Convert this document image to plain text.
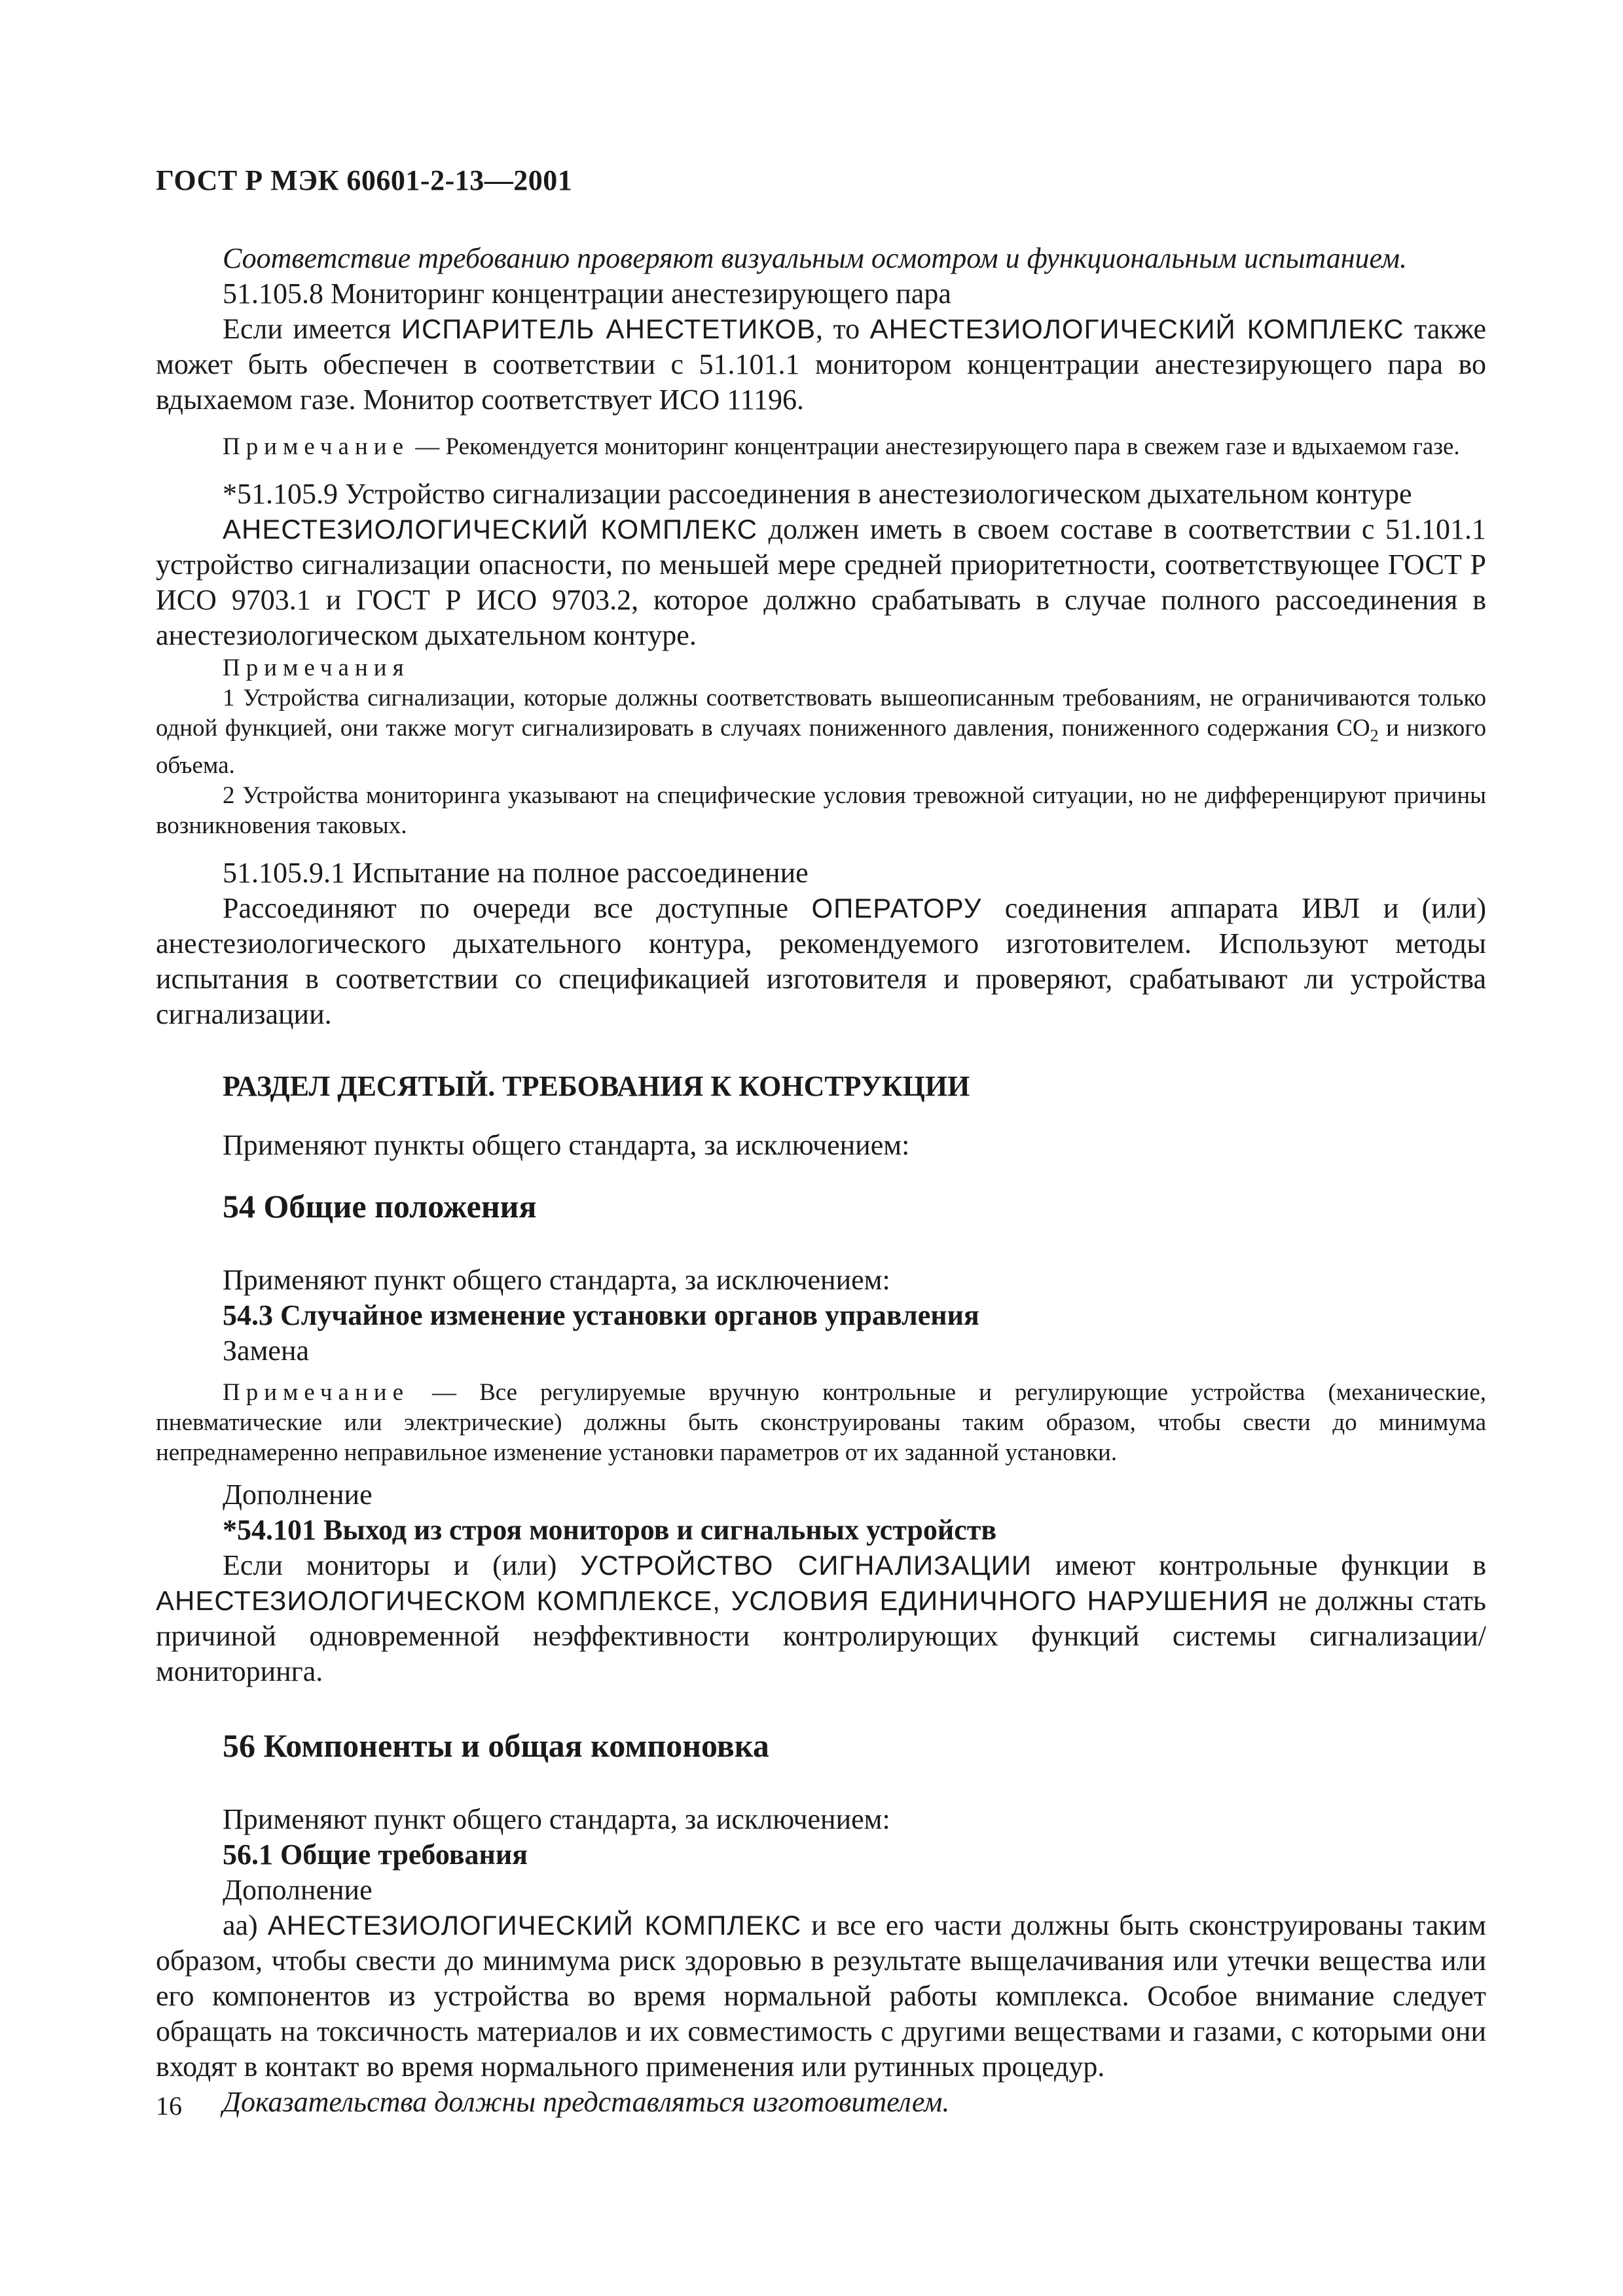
ГОСТ Р МЭК 60601-2-13—2001

Соответствие требованию проверяют визуальным осмотром и функциональным испытанием.

51.105.8 Мониторинг концентрации анестезирующего пара

Если имеется ИСПАРИТЕЛЬ АНЕСТЕТИКОВ, то АНЕСТЕЗИОЛОГИЧЕСКИЙ КОМПЛЕКС также может быть обеспечен в соответствии с 51.101.1 монитором концентрации анестезирующего пара во вдыхаемом газе. Монитор соответствует ИСО 11196.

Примечание — Рекомендуется мониторинг концентрации анестезирующего пара в свежем газе и вдыхаемом газе.

*51.105.9 Устройство сигнализации рассоединения в анестезиологическом дыхательном контуре

АНЕСТЕЗИОЛОГИЧЕСКИЙ КОМПЛЕКС должен иметь в своем составе в соответствии с 51.101.1 устройство сигнализации опасности, по меньшей мере средней приоритетности, соответствующее ГОСТ Р ИСО 9703.1 и ГОСТ Р ИСО 9703.2, которое должно срабатывать в случае полного рассоединения в анестезиологическом дыхательном контуре.

Примечания

1 Устройства сигнализации, которые должны соответствовать вышеописанным требованиям, не ограничиваются только одной функцией, они также могут сигнализировать в случаях пониженного давления, пониженного содержания $CO_2$ и низкого объема.

2 Устройства мониторинга указывают на специфические условия тревожной ситуации, но не дифференцируют причины возникновения таковых.

51.105.9.1 Испытание на полное рассоединение

Рассоединяют по очереди все доступные ОПЕРАТОРУ соединения аппарата ИВЛ и (или) анестезиологического дыхательного контура, рекомендуемого изготовителем. Используют методы испытания в соответствии со спецификацией изготовителя и проверяют, срабатывают ли устройства сигнализации.

РАЗДЕЛ ДЕСЯТЫЙ. ТРЕБОВАНИЯ К КОНСТРУКЦИИ

Применяют пункты общего стандарта, за исключением:

54 Общие положения

Применяют пункт общего стандарта, за исключением:

54.3 Случайное изменение установки органов управления

Замена

Примечание — Все регулируемые вручную контрольные и регулирующие устройства (механические, пневматические или электрические) должны быть сконструированы таким образом, чтобы свести до минимума непреднамеренно неправильное изменение установки параметров от их заданной установки.

Дополнение

*54.101 Выход из строя мониторов и сигнальных устройств

Если мониторы и (или) УСТРОЙСТВО СИГНАЛИЗАЦИИ имеют контрольные функции в АНЕСТЕЗИОЛОГИЧЕСКОМ КОМПЛЕКСЕ, УСЛОВИЯ ЕДИНИЧНОГО НАРУШЕНИЯ не должны стать причиной одновременной неэффективности контролирующих функций системы сигнализации/мониторинга.

56 Компоненты и общая компоновка

Применяют пункт общего стандарта, за исключением:

56.1 Общие требования

Дополнение

аа) АНЕСТЕЗИОЛОГИЧЕСКИЙ КОМПЛЕКС и все его части должны быть сконструированы таким образом, чтобы свести до минимума риск здоровью в результате выщелачивания или утечки вещества или его компонентов из устройства во время нормальной работы комплекса. Особое внимание следует обращать на токсичность материалов и их совместимость с другими веществами и газами, с которыми они входят в контакт во время нормального применения или рутинных процедур.

Доказательства должны представляться изготовителем.

16
